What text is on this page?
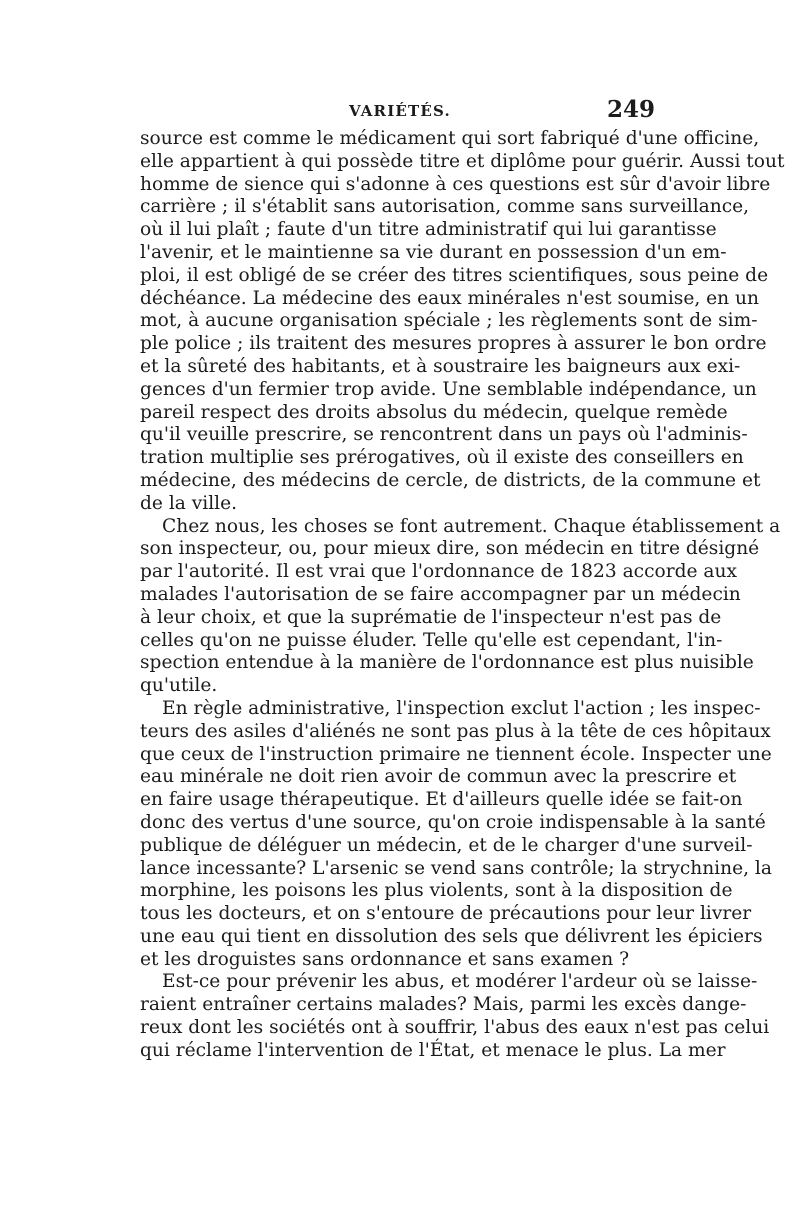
VARIÉTÉS.	249
source est comme le médicament qui sort fabriqué d'une officine,
elle appartient à qui possède titre et diplôme pour guérir. Aussi tout
homme de sience qui s'adonne à ces questions est sûr d'avoir libre
carrière ; il s'établit sans autorisation, comme sans surveillance,
où il lui plaît ; faute d'un titre administratif qui lui garantisse
l'avenir, et le maintienne sa vie durant en possession d'un em-
ploi, il est obligé de se créer des titres scientifiques, sous peine de
déchéance. La médecine des eaux minérales n'est soumise, en un
mot, à aucune organisation spéciale ; les règlements sont de sim-
ple police ; ils traitent des mesures propres à assurer le bon ordre
et la sûreté des habitants, et à soustraire les baigneurs aux exi-
gences d'un fermier trop avide. Une semblable indépendance, un
pareil respect des droits absolus du médecin, quelque remède
qu'il veuille prescrire, se rencontrent dans un pays où l'adminis-
tration multiplie ses prérogatives, où il existe des conseillers en
médecine, des médecins de cercle, de districts, de la commune et
de la ville.
Chez nous, les choses se font autrement. Chaque établissement a
son inspecteur, ou, pour mieux dire, son médecin en titre désigné
par l'autorité. Il est vrai que l'ordonnance de 1823 accorde aux
malades l'autorisation de se faire accompagner par un médecin
à leur choix, et que la suprématie de l'inspecteur n'est pas de
celles qu'on ne puisse éluder. Telle qu'elle est cependant, l'in-
spection entendue à la manière de l'ordonnance est plus nuisible
qu'utile.
En règle administrative, l'inspection exclut l'action ; les inspec-
teurs des asiles d'aliénés ne sont pas plus à la tête de ces hôpitaux
que ceux de l'instruction primaire ne tiennent école. Inspecter une
eau minérale ne doit rien avoir de commun avec la prescrire et
en faire usage thérapeutique. Et d'ailleurs quelle idée se fait-on
donc des vertus d'une source, qu'on croie indispensable à la santé
publique de déléguer un médecin, et de le charger d'une surveil-
lance incessante? L'arsenic se vend sans contrôle; la strychnine, la
morphine, les poisons les plus violents, sont à la disposition de
tous les docteurs, et on s'entoure de précautions pour leur livrer
une eau qui tient en dissolution des sels que délivrent les épiciers
et les droguistes sans ordonnance et sans examen ?
Est-ce pour prévenir les abus, et modérer l'ardeur où se laisse-
raient entraîner certains malades? Mais, parmi les excès dange-
reux dont les sociétés ont à souffrir, l'abus des eaux n'est pas celui
qui réclame l'intervention de l'État, et menace le plus. La mer
